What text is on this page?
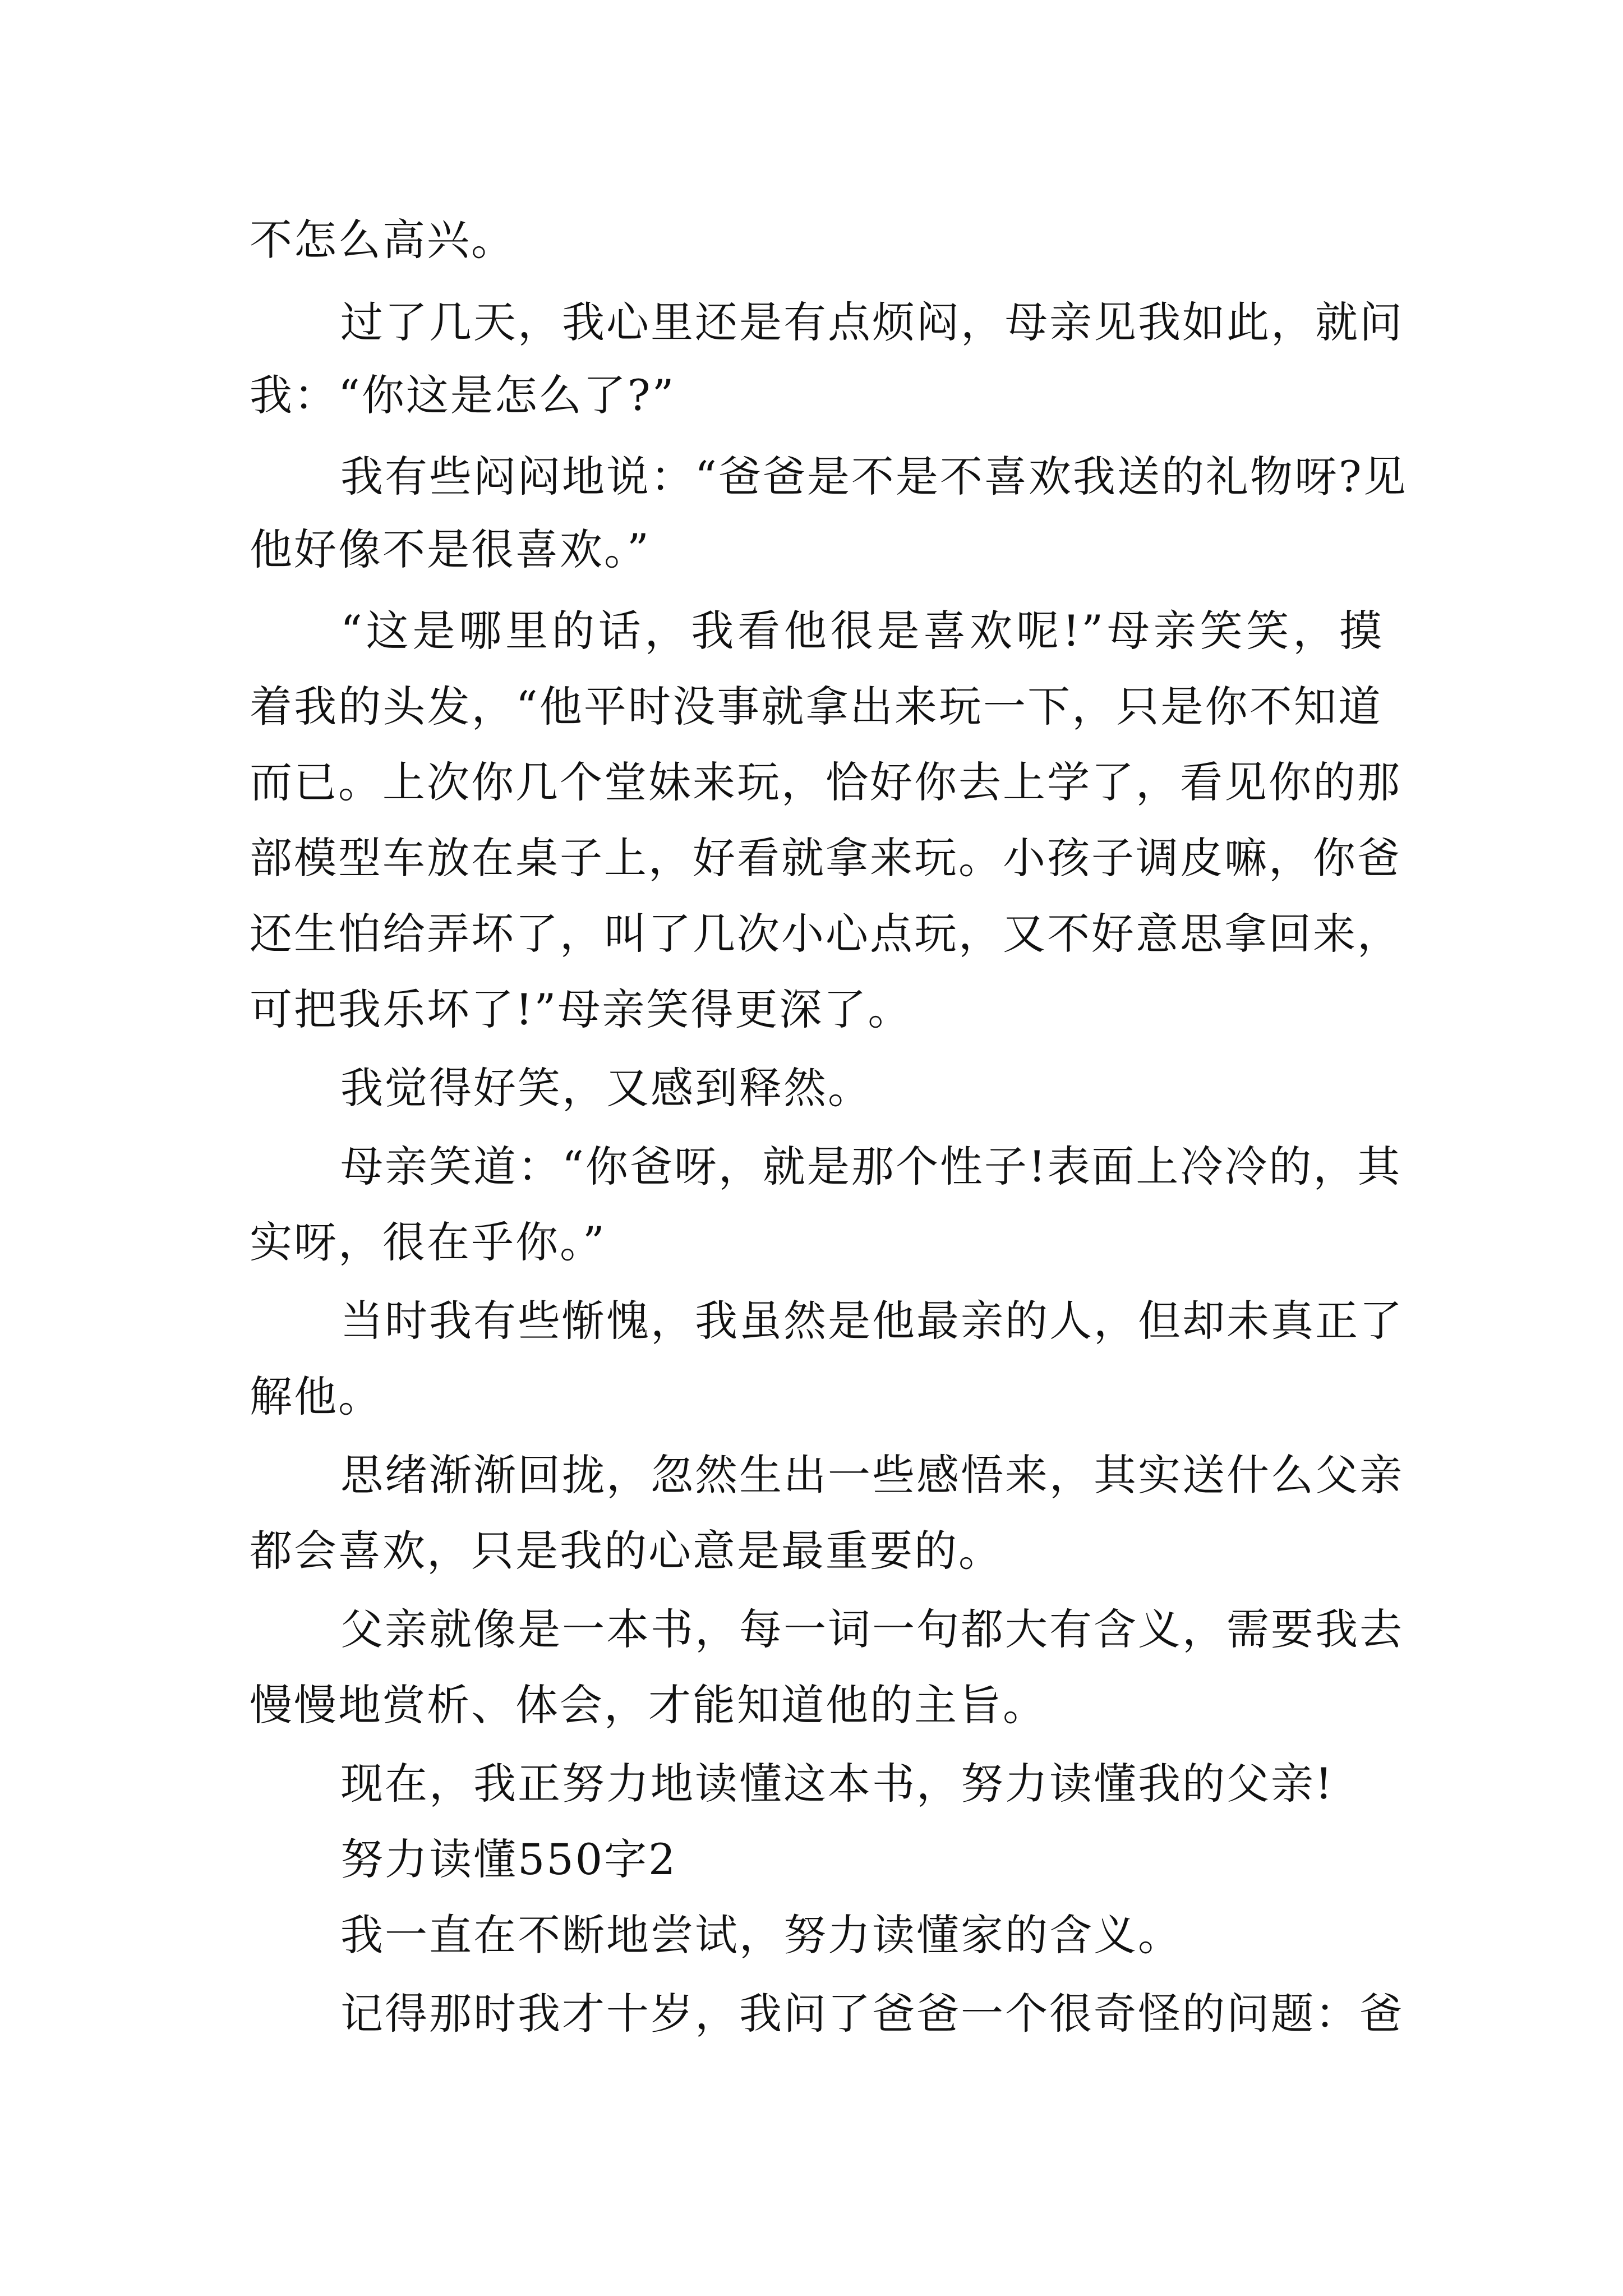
不怎么高兴。
过了几天，我心里还是有点烦闷，母亲见我如此，就问
我：“你这是怎么了?”
我有些闷闷地说：“爸爸是不是不喜欢我送的礼物呀?见
他好像不是很喜欢。”
“这是哪里的话，我看他很是喜欢呢!”母亲笑笑，摸
着我的头发，“他平时没事就拿出来玩一下，只是你不知道
而已。上次你几个堂妹来玩，恰好你去上学了，看见你的那
部模型车放在桌子上，好看就拿来玩。小孩子调皮嘛，你爸
还生怕给弄坏了，叫了几次小心点玩，又不好意思拿回来，
可把我乐坏了!”母亲笑得更深了。
我觉得好笑，又感到释然。
母亲笑道：“你爸呀，就是那个性子!表面上冷冷的，其
实呀，很在乎你。”
当时我有些惭愧，我虽然是他最亲的人，但却未真正了
解他。
思绪渐渐回拢，忽然生出一些感悟来，其实送什么父亲
都会喜欢，只是我的心意是最重要的。
父亲就像是一本书，每一词一句都大有含义，需要我去
慢慢地赏析、体会，才能知道他的主旨。
现在，我正努力地读懂这本书，努力读懂我的父亲!
努力读懂550字2
我一直在不断地尝试，努力读懂家的含义。
记得那时我才十岁，我问了爸爸一个很奇怪的问题：爸
